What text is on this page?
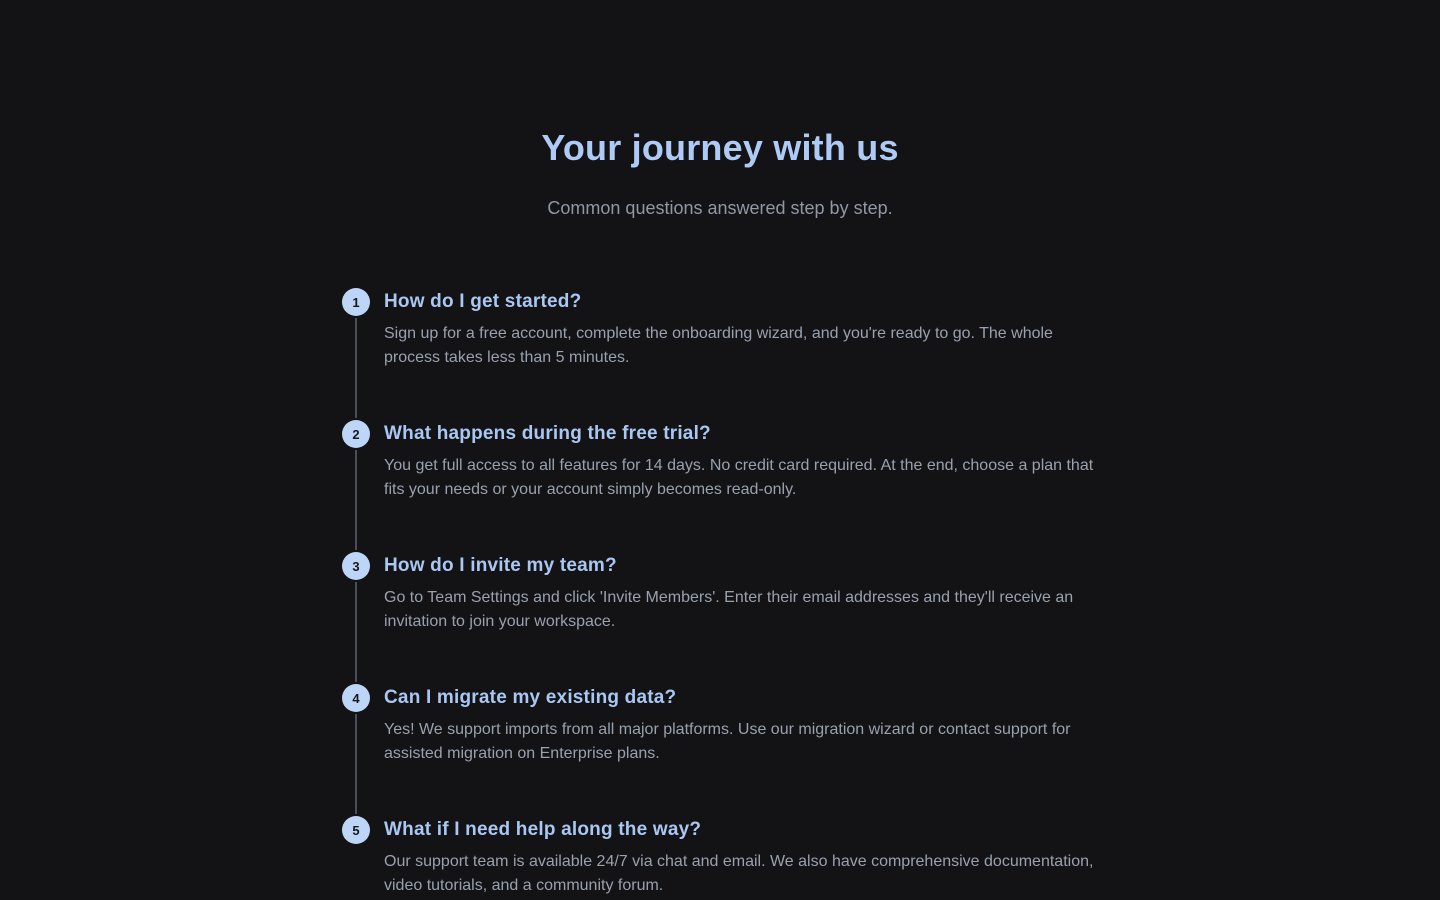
Your journey with us

Common questions answered step by step.

1	How do I get started?

Sign up for a free account, complete the onboarding wizard, and you're ready to go. The whole process takes less than 5 minutes.

2	What happens during the free trial?

You get full access to all features for 14 days. No credit card required. At the end, choose a plan that fits your needs or your account simply becomes read-only.

3	How do I invite my team?

Go to Team Settings and click 'Invite Members'. Enter their email addresses and they'll receive an invitation to join your workspace.

4	Can I migrate my existing data?

Yes! We support imports from all major platforms. Use our migration wizard or contact support for assisted migration on Enterprise plans.

5	What if I need help along the way?

Our support team is available 24/7 via chat and email. We also have comprehensive documentation, video tutorials, and a community forum.
